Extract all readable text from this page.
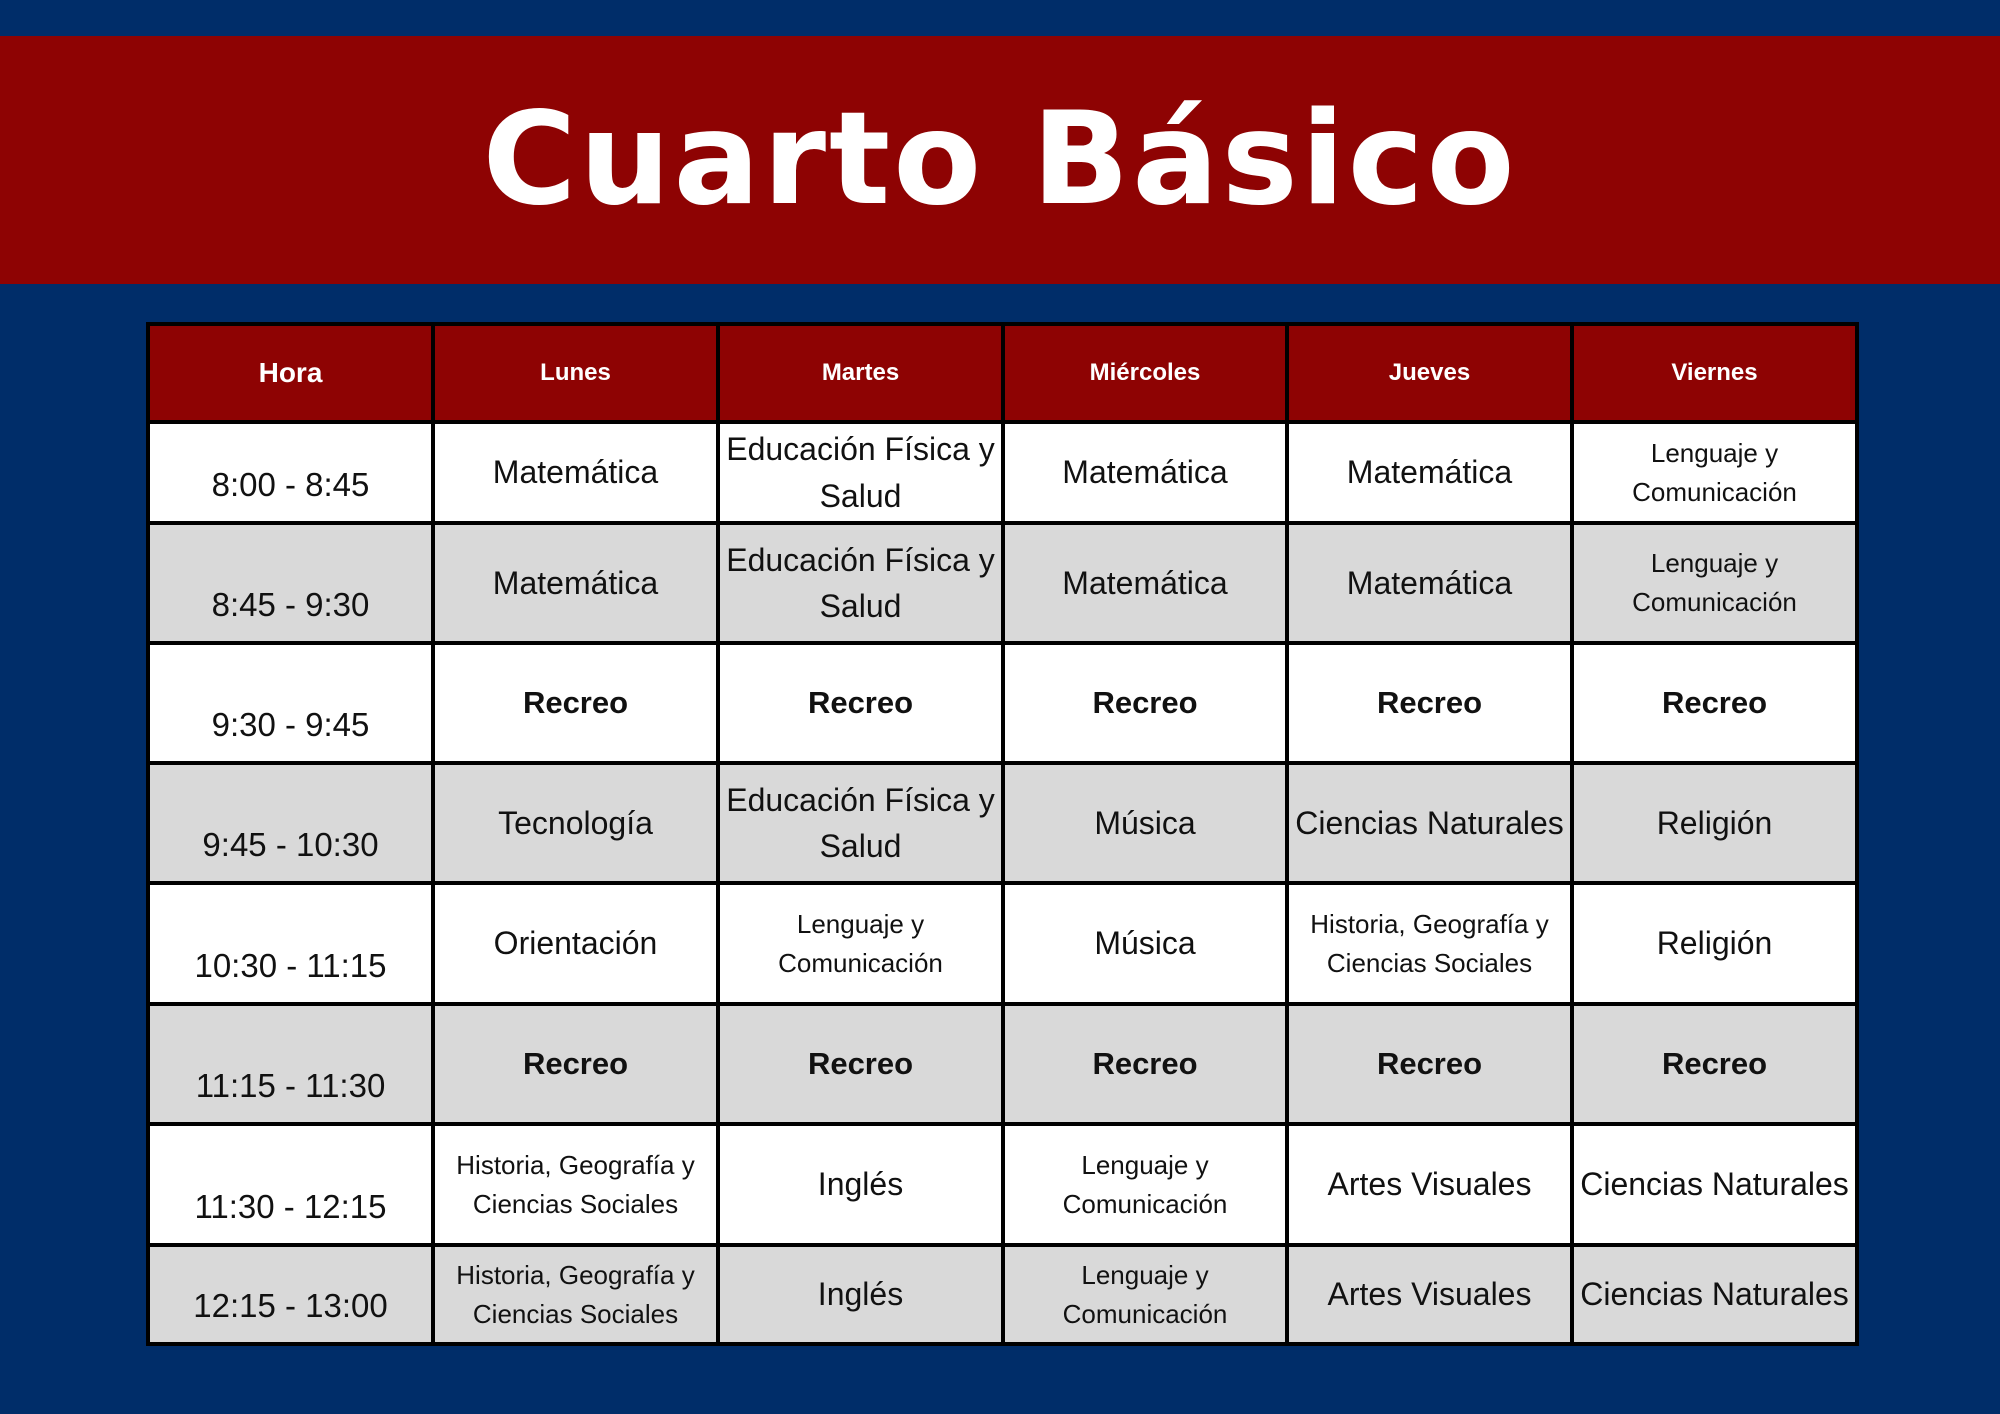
Cuarto Básico
Hora	Lunes	Martes	Miércoles	Jueves	Viernes
8:00 - 8:45	Matemática	Educación Física y Salud	Matemática	Matemática	Lenguaje y Comunicación
8:45 - 9:30	Matemática	Educación Física y Salud	Matemática	Matemática	Lenguaje y Comunicación
9:30 - 9:45	Recreo	Recreo	Recreo	Recreo	Recreo
9:45 - 10:30	Tecnología	Educación Física y Salud	Música	Ciencias Naturales	Religión
10:30 - 11:15	Orientación	Lenguaje y Comunicación	Música	Historia, Geografía y Ciencias Sociales	Religión
11:15 - 11:30	Recreo	Recreo	Recreo	Recreo	Recreo
11:30 - 12:15	Historia, Geografía y Ciencias Sociales	Inglés	Lenguaje y Comunicación	Artes Visuales	Ciencias Naturales
12:15 - 13:00	Historia, Geografía y Ciencias Sociales	Inglés	Lenguaje y Comunicación	Artes Visuales	Ciencias Naturales
